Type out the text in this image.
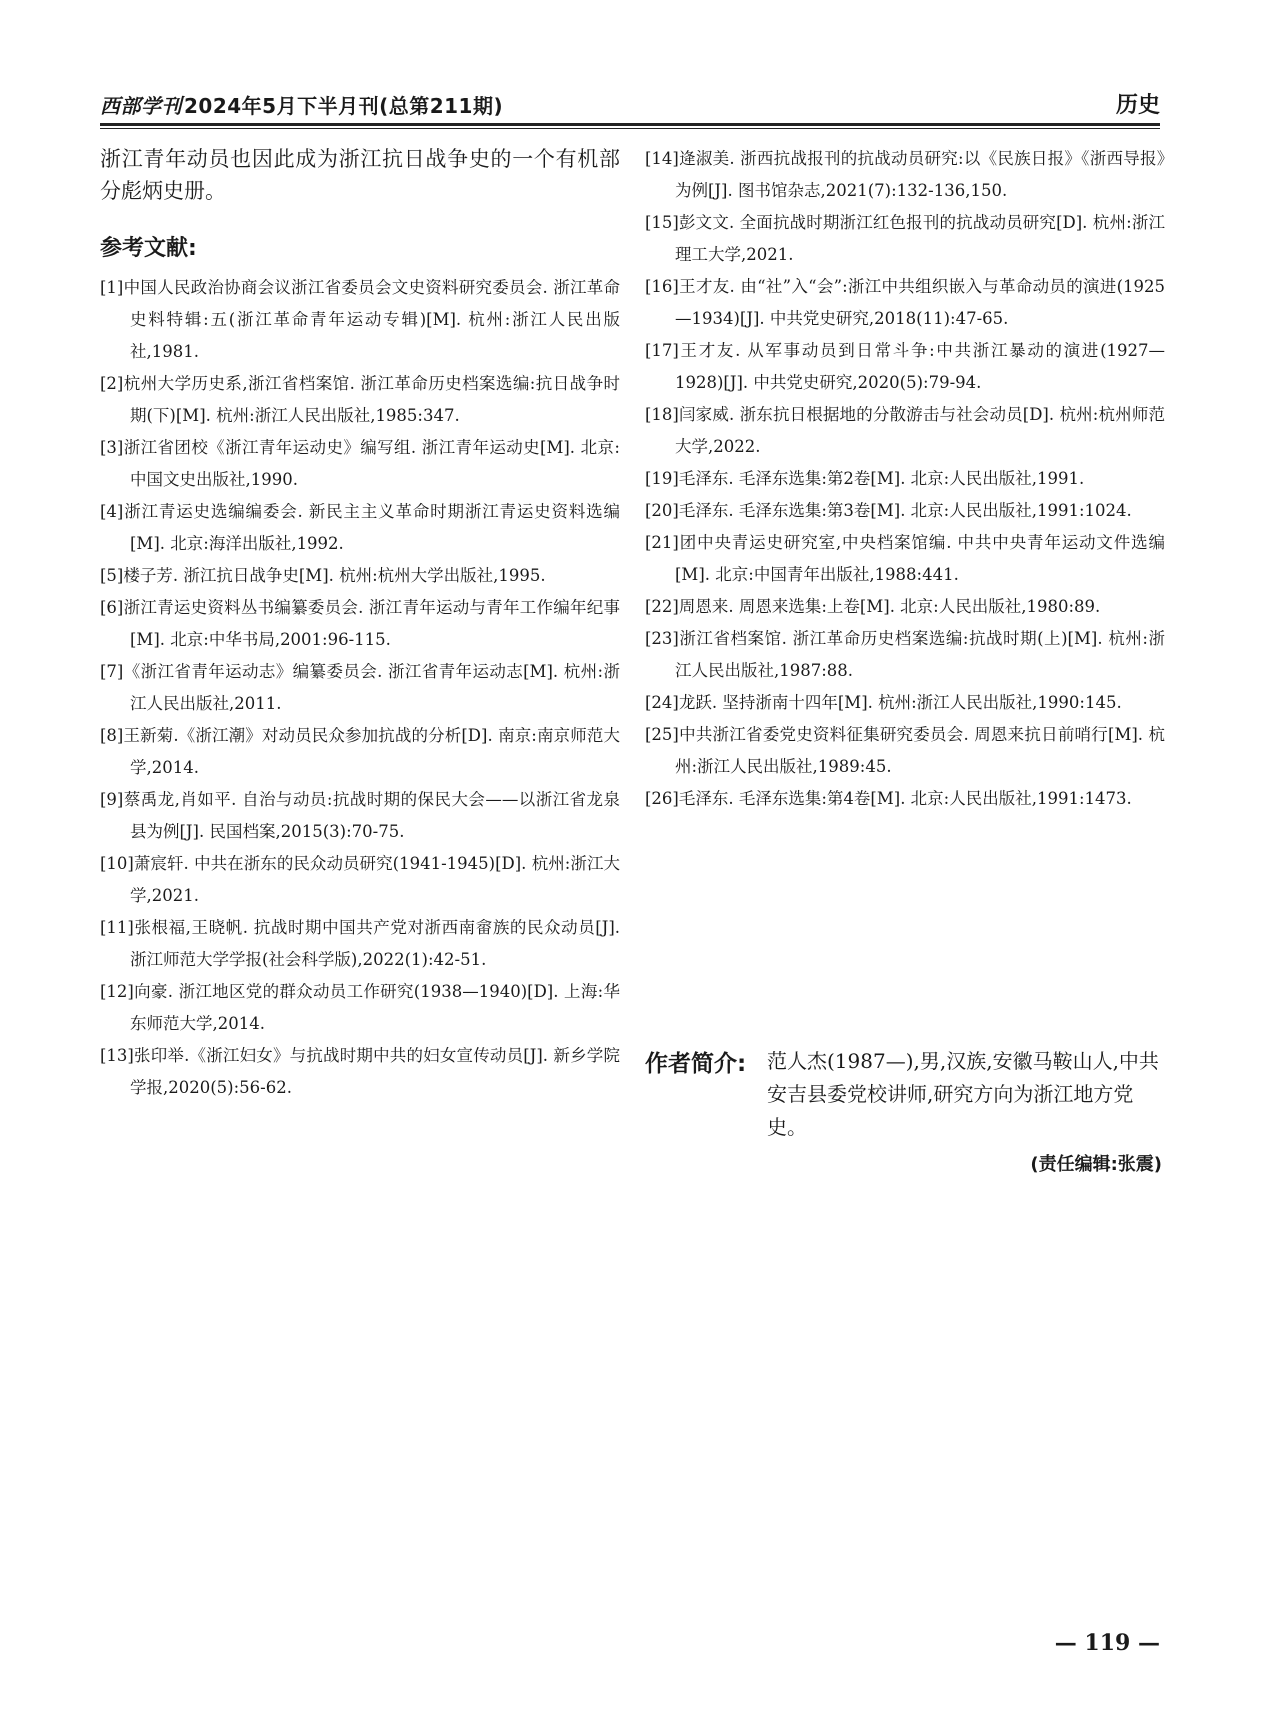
西部学刊 2024年5月下半月刊(总第211期)	历史

浙江青年动员也因此成为浙江抗日战争史的一个有机部分彪炳史册。

参考文献:
[1]中国人民政治协商会议浙江省委员会文史资料研究委员会. 浙江革命史料特辑:五(浙江革命青年运动专辑)[M]. 杭州:浙江人民出版社,1981.
[2]杭州大学历史系,浙江省档案馆. 浙江革命历史档案选编:抗日战争时期(下)[M]. 杭州:浙江人民出版社,1985:347.
[3]浙江省团校《浙江青年运动史》编写组. 浙江青年运动史[M]. 北京:中国文史出版社,1990.
[4]浙江青运史选编编委会. 新民主主义革命时期浙江青运史资料选编[M]. 北京:海洋出版社,1992.
[5]楼子芳. 浙江抗日战争史[M]. 杭州:杭州大学出版社,1995.
[6]浙江青运史资料丛书编纂委员会. 浙江青年运动与青年工作编年纪事[M]. 北京:中华书局,2001:96-115.
[7]《浙江省青年运动志》编纂委员会. 浙江省青年运动志[M]. 杭州:浙江人民出版社,2011.
[8]王新菊.《浙江潮》对动员民众参加抗战的分析[D]. 南京:南京师范大学,2014.
[9]蔡禹龙,肖如平. 自治与动员:抗战时期的保民大会——以浙江省龙泉县为例[J]. 民国档案,2015(3):70-75.
[10]萧宸轩. 中共在浙东的民众动员研究(1941-1945)[D]. 杭州:浙江大学,2021.
[11]张根福,王晓帆. 抗战时期中国共产党对浙西南畲族的民众动员[J]. 浙江师范大学学报(社会科学版),2022(1):42-51.
[12]向豪. 浙江地区党的群众动员工作研究(1938—1940)[D]. 上海:华东师范大学,2014.
[13]张印举.《浙江妇女》与抗战时期中共的妇女宣传动员[J]. 新乡学院学报,2020(5):56-62.
[14]逄淑美. 浙西抗战报刊的抗战动员研究:以《民族日报》《浙西导报》为例[J]. 图书馆杂志,2021(7):132-136,150.
[15]彭文文. 全面抗战时期浙江红色报刊的抗战动员研究[D]. 杭州:浙江理工大学,2021.
[16]王才友. 由“社”入“会”:浙江中共组织嵌入与革命动员的演进(1925—1934)[J]. 中共党史研究,2018(11):47-65.
[17]王才友. 从军事动员到日常斗争:中共浙江暴动的演进(1927—1928)[J]. 中共党史研究,2020(5):79-94.
[18]闫家威. 浙东抗日根据地的分散游击与社会动员[D]. 杭州:杭州师范大学,2022.
[19]毛泽东. 毛泽东选集:第2卷[M]. 北京:人民出版社,1991.
[20]毛泽东. 毛泽东选集:第3卷[M]. 北京:人民出版社,1991:1024.
[21]团中央青运史研究室,中央档案馆编. 中共中央青年运动文件选编[M]. 北京:中国青年出版社,1988:441.
[22]周恩来. 周恩来选集:上卷[M]. 北京:人民出版社,1980:89.
[23]浙江省档案馆. 浙江革命历史档案选编:抗战时期(上)[M]. 杭州:浙江人民出版社,1987:88.
[24]龙跃. 坚持浙南十四年[M]. 杭州:浙江人民出版社,1990:145.
[25]中共浙江省委党史资料征集研究委员会. 周恩来抗日前哨行[M]. 杭州:浙江人民出版社,1989:45.
[26]毛泽东. 毛泽东选集:第4卷[M]. 北京:人民出版社,1991:1473.
作者简介: 范人杰(1987—),男,汉族,安徽马鞍山人,中共安吉县委党校讲师,研究方向为浙江地方党史。
(责任编辑:张震)
— 119 —
